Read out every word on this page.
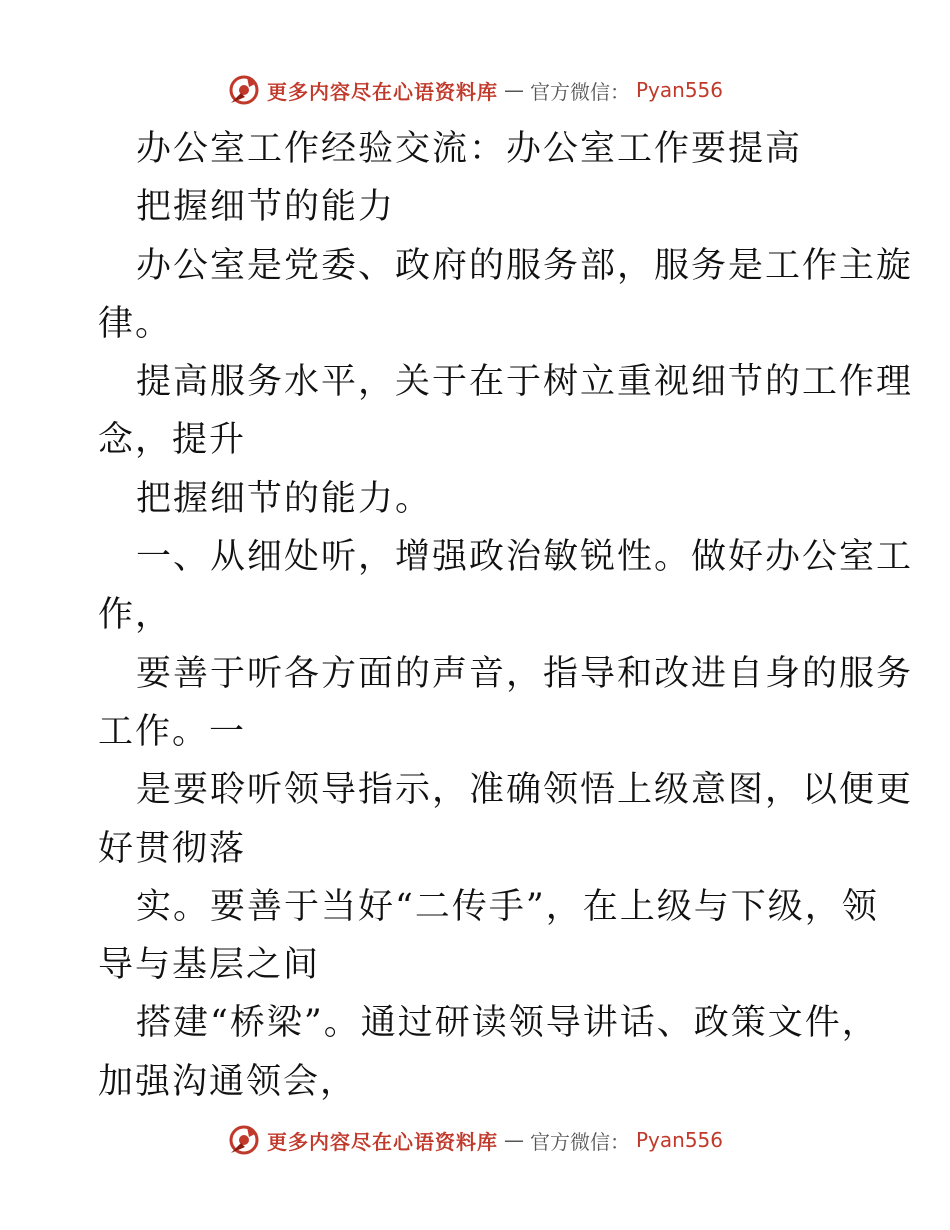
更多内容尽在心语资料库 — 官方微信： Pyan556
办公室工作经验交流：办公室工作要提高
把握细节的能力
办公室是党委、政府的服务部，服务是工作主旋
律。
提高服务水平，关于在于树立重视细节的工作理
念，提升
把握细节的能力。
一、从细处听，增强政治敏锐性。做好办公室工
作，
要善于听各方面的声音，指导和改进自身的服务
工作。一
是要聆听领导指示，准确领悟上级意图，以便更
好贯彻落
实。要善于当好“二传手”，在上级与下级，领
导与基层之间
搭建“桥梁”。通过研读领导讲话、政策文件，
加强沟通领会，
更多内容尽在心语资料库 — 官方微信： Pyan556
